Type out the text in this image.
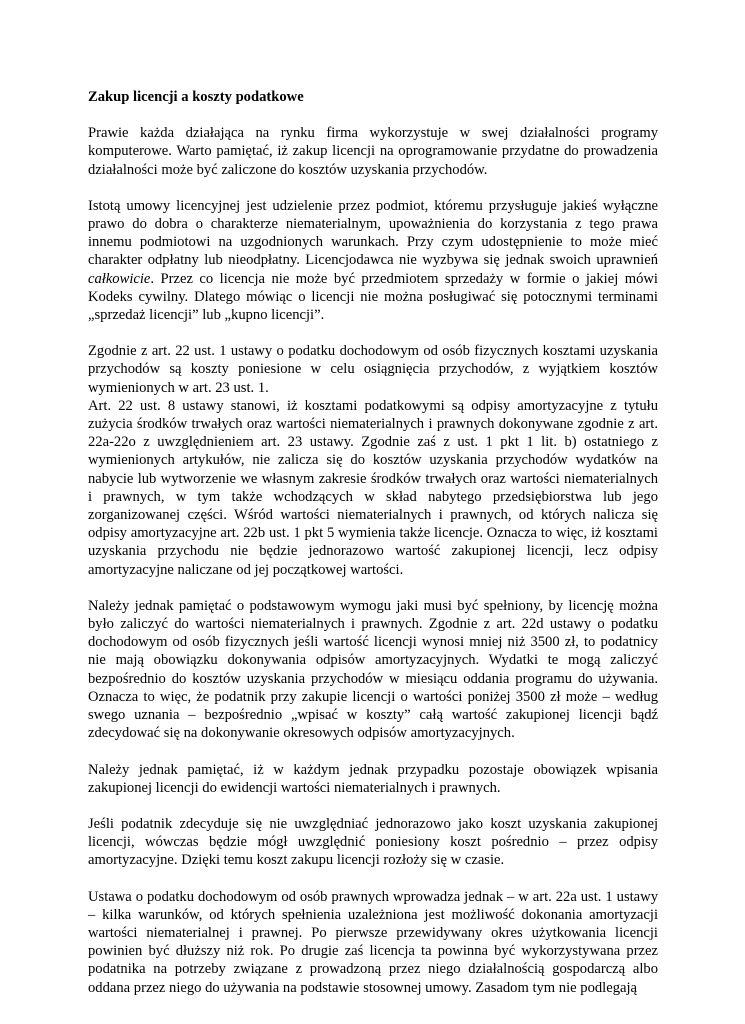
Zakup licencji a koszty podatkowe
Prawie każda działająca na rynku firma wykorzystuje w swej działalności programy komputerowe. Warto pamiętać, iż zakup licencji na oprogramowanie przydatne do prowadzenia działalności może być zaliczone do kosztów uzyskania przychodów.
Istotą umowy licencyjnej jest udzielenie przez podmiot, któremu przysługuje jakieś wyłączne prawo do dobra o charakterze niematerialnym, upoważnienia do korzystania z tego prawa innemu podmiotowi na uzgodnionych warunkach. Przy czym udostępnienie to może mieć charakter odpłatny lub nieodpłatny. Licencjodawca nie wyzbywa się jednak swoich uprawnień całkowicie. Przez co licencja nie może być przedmiotem sprzedaży w formie o jakiej mówi Kodeks cywilny. Dlatego mówiąc o licencji nie można posługiwać się potocznymi terminami „sprzedaż licencji” lub „kupno licencji”.
Zgodnie z art. 22 ust. 1 ustawy o podatku dochodowym od osób fizycznych kosztami uzyskania przychodów są koszty poniesione w celu osiągnięcia przychodów, z wyjątkiem kosztów wymienionych w art. 23 ust. 1.
Art. 22 ust. 8 ustawy stanowi, iż kosztami podatkowymi są odpisy amortyzacyjne z tytułu zużycia środków trwałych oraz wartości niematerialnych i prawnych dokonywane zgodnie z art. 22a-22o z uwzględnieniem art. 23 ustawy. Zgodnie zaś z ust. 1 pkt 1 lit. b) ostatniego z wymienionych artykułów, nie zalicza się do kosztów uzyskania przychodów wydatków na nabycie lub wytworzenie we własnym zakresie środków trwałych oraz wartości niematerialnych i prawnych, w tym także wchodzących w skład nabytego przedsiębiorstwa lub jego zorganizowanej części. Wśród wartości niematerialnych i prawnych, od których nalicza się odpisy amortyzacyjne art. 22b ust. 1 pkt 5 wymienia także licencje. Oznacza to więc, iż kosztami uzyskania przychodu nie będzie jednorazowo wartość zakupionej licencji, lecz odpisy amortyzacyjne naliczane od jej początkowej wartości.
Należy jednak pamiętać o podstawowym wymogu jaki musi być spełniony, by licencję można było zaliczyć do wartości niematerialnych i prawnych. Zgodnie z art. 22d ustawy o podatku dochodowym od osób fizycznych jeśli wartość licencji wynosi mniej niż 3500 zł, to podatnicy nie mają obowiązku dokonywania odpisów amortyzacyjnych. Wydatki te mogą zaliczyć bezpośrednio do kosztów uzyskania przychodów w miesiącu oddania programu do używania. Oznacza to więc, że podatnik przy zakupie licencji o wartości poniżej 3500 zł może – według swego uznania – bezpośrednio „wpisać w koszty” całą wartość zakupionej licencji bądź zdecydować się na dokonywanie okresowych odpisów amortyzacyjnych.
Należy jednak pamiętać, iż w każdym jednak przypadku pozostaje obowiązek wpisania zakupionej licencji do ewidencji wartości niematerialnych i prawnych.
Jeśli podatnik zdecyduje się nie uwzględniać jednorazowo jako koszt uzyskania zakupionej licencji, wówczas będzie mógł uwzględnić poniesiony koszt pośrednio – przez odpisy amortyzacyjne. Dzięki temu koszt zakupu licencji rozłoży się w czasie.
Ustawa o podatku dochodowym od osób prawnych wprowadza jednak – w art. 22a ust. 1 ustawy – kilka warunków, od których spełnienia uzależniona jest możliwość dokonania amortyzacji wartości niematerialnej i prawnej. Po pierwsze przewidywany okres użytkowania licencji powinien być dłuższy niż rok. Po drugie zaś licencja ta powinna być wykorzystywana przez podatnika na potrzeby związane z prowadzoną przez niego działalnością gospodarczą albo oddana przez niego do używania na podstawie stosownej umowy. Zasadom tym nie podlegają
